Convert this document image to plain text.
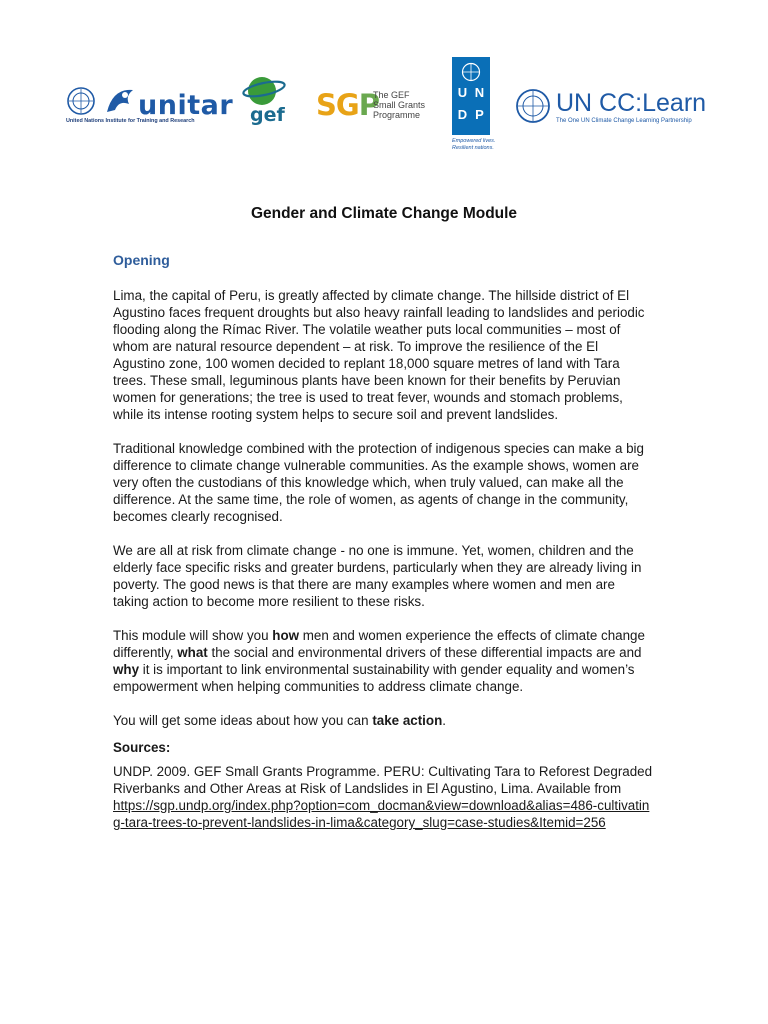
unitar
United Nations Institute for Training and Research	gef SGP
The GEF
Small Grants
Programme
U N
D P
Empowered lives.
Resilient nations.
UN CC:Learn
The One UN Climate Change Learning Partnership
Gender and Climate Change Module
Opening

Lima, the capital of Peru, is greatly affected by climate change. The hillside district of El Agustino faces frequent droughts but also heavy rainfall leading to landslides and periodic flooding along the Rímac River. The volatile weather puts local communities – most of whom are natural resource dependent – at risk. To improve the resilience of the El Agustino zone, 100 women decided to replant 18,000 square metres of land with Tara trees. These small, leguminous plants have been known for their benefits by Peruvian women for generations; the tree is used to treat fever, wounds and stomach problems, while its intense rooting system helps to secure soil and prevent landslides.

Traditional knowledge combined with the protection of indigenous species can make a big difference to climate change vulnerable communities. As the example shows, women are very often the custodians of this knowledge which, when truly valued, can make all the difference. At the same time, the role of women, as agents of change in the community, becomes clearly recognised.

We are all at risk from climate change - no one is immune. Yet, women, children and the elderly face specific risks and greater burdens, particularly when they are already living in poverty. The good news is that there are many examples where women and men are taking action to become more resilient to these risks.

This module will show you how men and women experience the effects of climate change differently, what the social and environmental drivers of these differential impacts are and why it is important to link environmental sustainability with gender equality and women’s empowerment when helping communities to address climate change.

You will get some ideas about how you can take action.

Sources:

UNDP. 2009. GEF Small Grants Programme. PERU: Cultivating Tara to Reforest Degraded Riverbanks and Other Areas at Risk of Landslides in El Agustino, Lima. Available from
https://sgp.undp.org/index.php?option=com_docman&view=download&alias=486-cultivating-tara-trees-to-prevent-landslides-in-lima&category_slug=case-studies&Itemid=256
